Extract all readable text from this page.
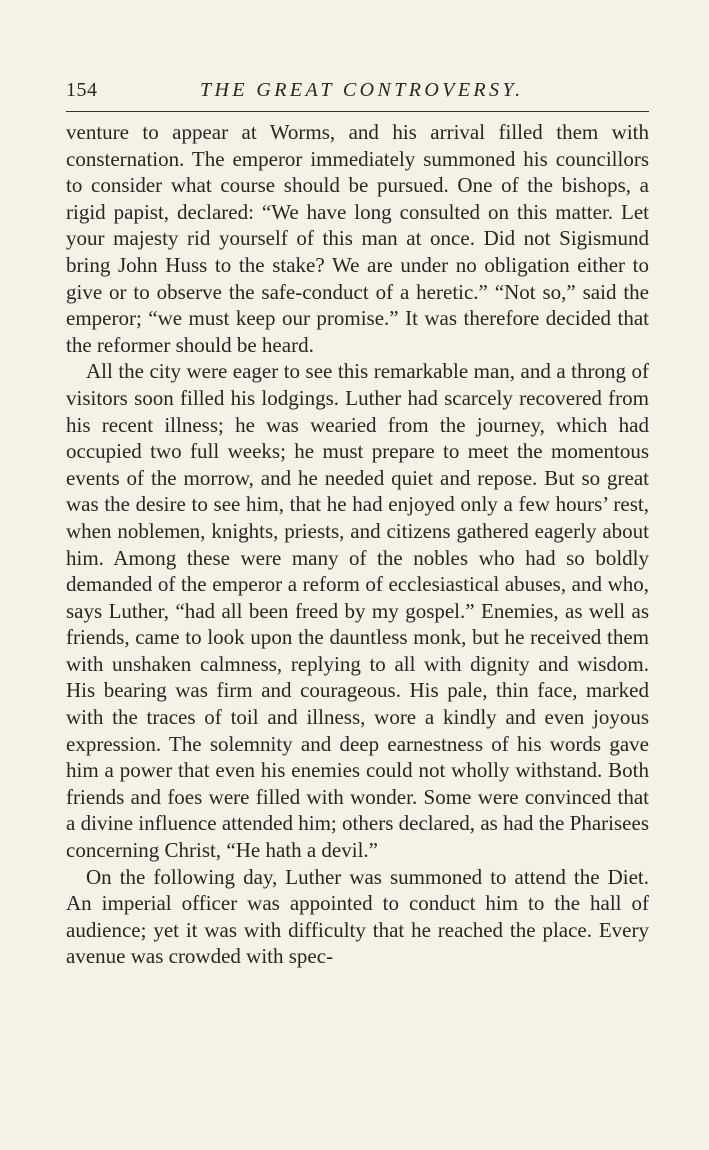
154	THE GREAT CONTROVERSY.

venture to appear at Worms, and his arrival filled them with consternation. The emperor immediately summoned his councillors to consider what course should be pursued. One of the bishops, a rigid papist, declared: “We have long consulted on this matter. Let your majesty rid yourself of this man at once. Did not Sigismund bring John Huss to the stake? We are under no obligation either to give or to observe the safe-conduct of a heretic.” “Not so,” said the emperor; “we must keep our promise.” It was therefore decided that the reformer should be heard.

All the city were eager to see this remarkable man, and a throng of visitors soon filled his lodgings. Luther had scarcely recovered from his recent illness; he was wearied from the journey, which had occupied two full weeks; he must prepare to meet the momentous events of the morrow, and he needed quiet and repose. But so great was the desire to see him, that he had enjoyed only a few hours’ rest, when noblemen, knights, priests, and citizens gathered eagerly about him. Among these were many of the nobles who had so boldly demanded of the emperor a reform of ecclesiastical abuses, and who, says Luther, “had all been freed by my gospel.” Enemies, as well as friends, came to look upon the dauntless monk, but he received them with unshaken calmness, replying to all with dignity and wisdom. His bearing was firm and courageous. His pale, thin face, marked with the traces of toil and illness, wore a kindly and even joyous expression. The solemnity and deep earnestness of his words gave him a power that even his enemies could not wholly withstand. Both friends and foes were filled with wonder. Some were convinced that a divine influence attended him; others declared, as had the Pharisees concerning Christ, “He hath a devil.”

On the following day, Luther was summoned to attend the Diet. An imperial officer was appointed to conduct him to the hall of audience; yet it was with difficulty that he reached the place. Every avenue was crowded with spec-
